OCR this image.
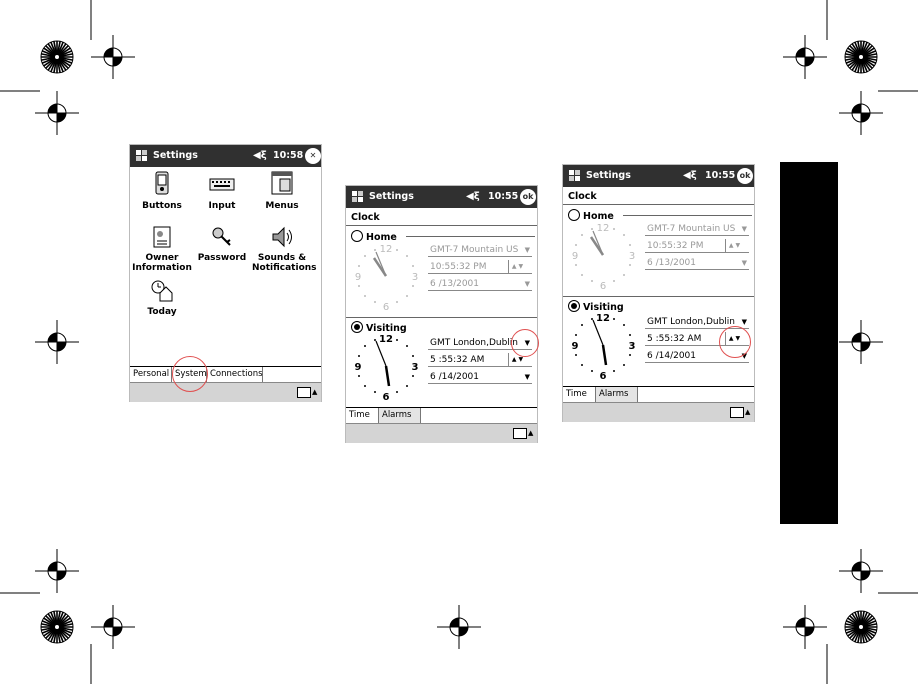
Settings	◀ξ 10:58 ✕
Buttons	Input	Menus
Owner Information
Password	Sounds & Notifications
Today
Personal System Connections
▲
Settings	◀ξ 10:55 ok
Clock
Home
12
3
6
9
GMT-7 Mountain US ▼
10:55:32 PM	▲ ▼
6 /13/2001	▼
Visiting
12
3
6
9
GMT London,Dublin ▼
5 :55:32 AM	▲ ▼
6 /14/2001	▼
Time	Alarms
▲
Settings	◀ξ 10:55 ok
Clock
Home
12
3
6
9
GMT-7 Mountain US ▼
10:55:32 PM	▲ ▼
6 /13/2001	▼
Visiting
12
3
6
9
GMT London,Dublin ▼
5 :55:32 AM	▲ ▼
6 /14/2001	▼
Time	Alarms
▲
